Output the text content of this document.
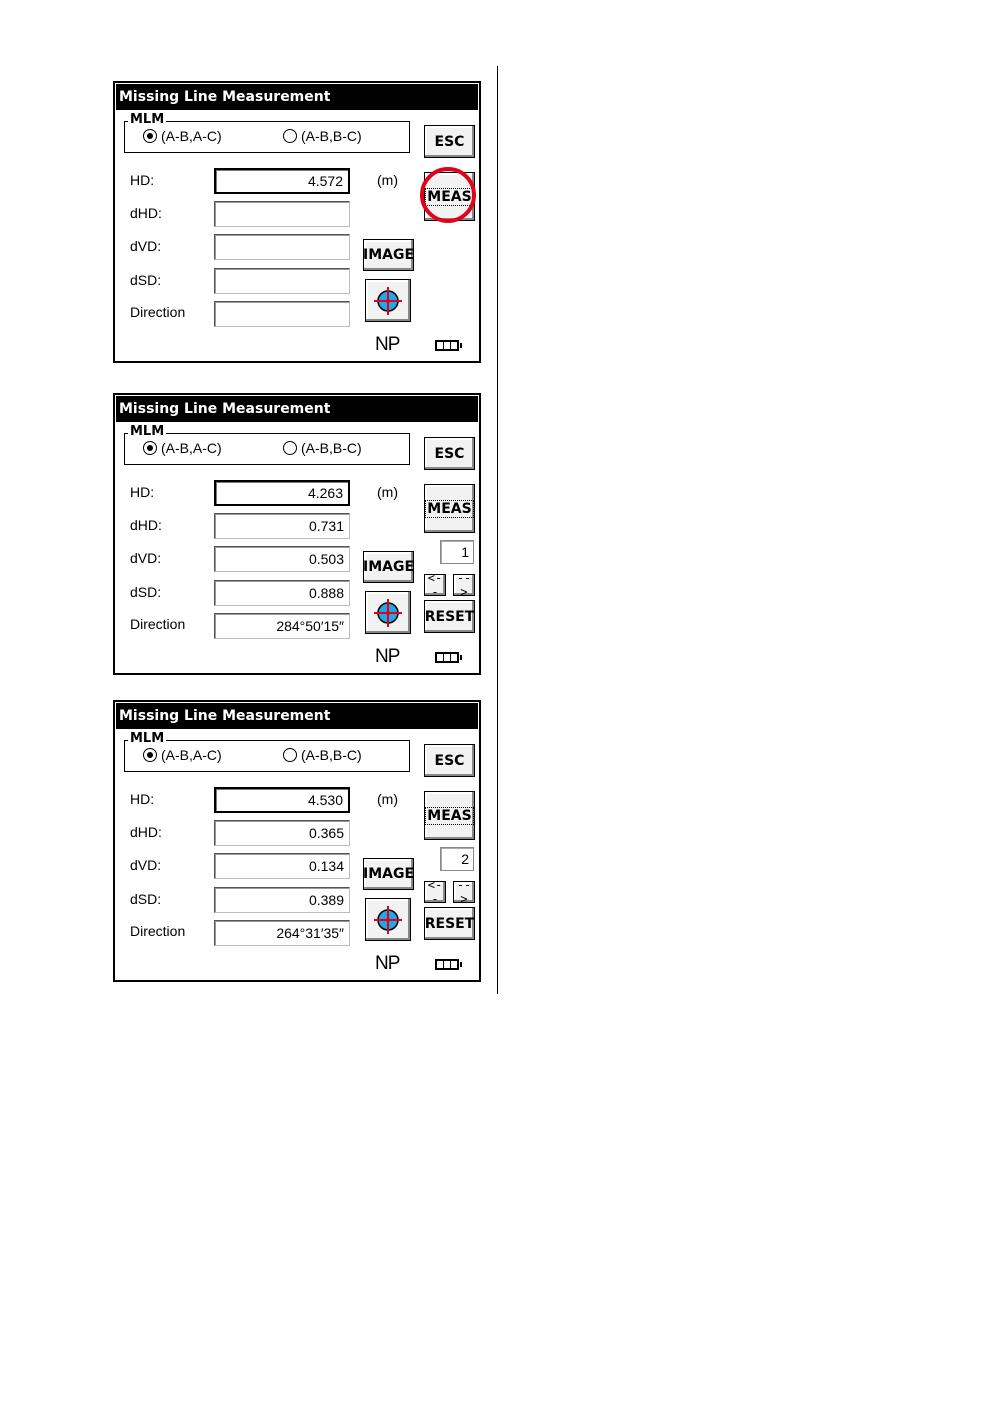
Missing Line Measurement
MLM
(A-B,A-C)	(A-B,B-C)	ESC
HD:	4.572
dHD:
dVD:
dSD:
Direction
(m)
MEAS
IMAGE
NP
Missing Line Measurement
MLM
(A-B,A-C)	(A-B,B-C)	ESC
HD:	4.263
dHD:	0.731
dVD:	0.503
dSD:	0.888
Direction	284°50′15″
(m)
MEAS
1
<--
-->
RESET
IMAGE
NP
Missing Line Measurement
MLM
(A-B,A-C)	(A-B,B-C)	ESC
HD:	4.530
dHD:	0.365
dVD:	0.134
dSD:	0.389
Direction	264°31′35″
(m)
MEAS
2
<--
-->
RESET
IMAGE
NP
